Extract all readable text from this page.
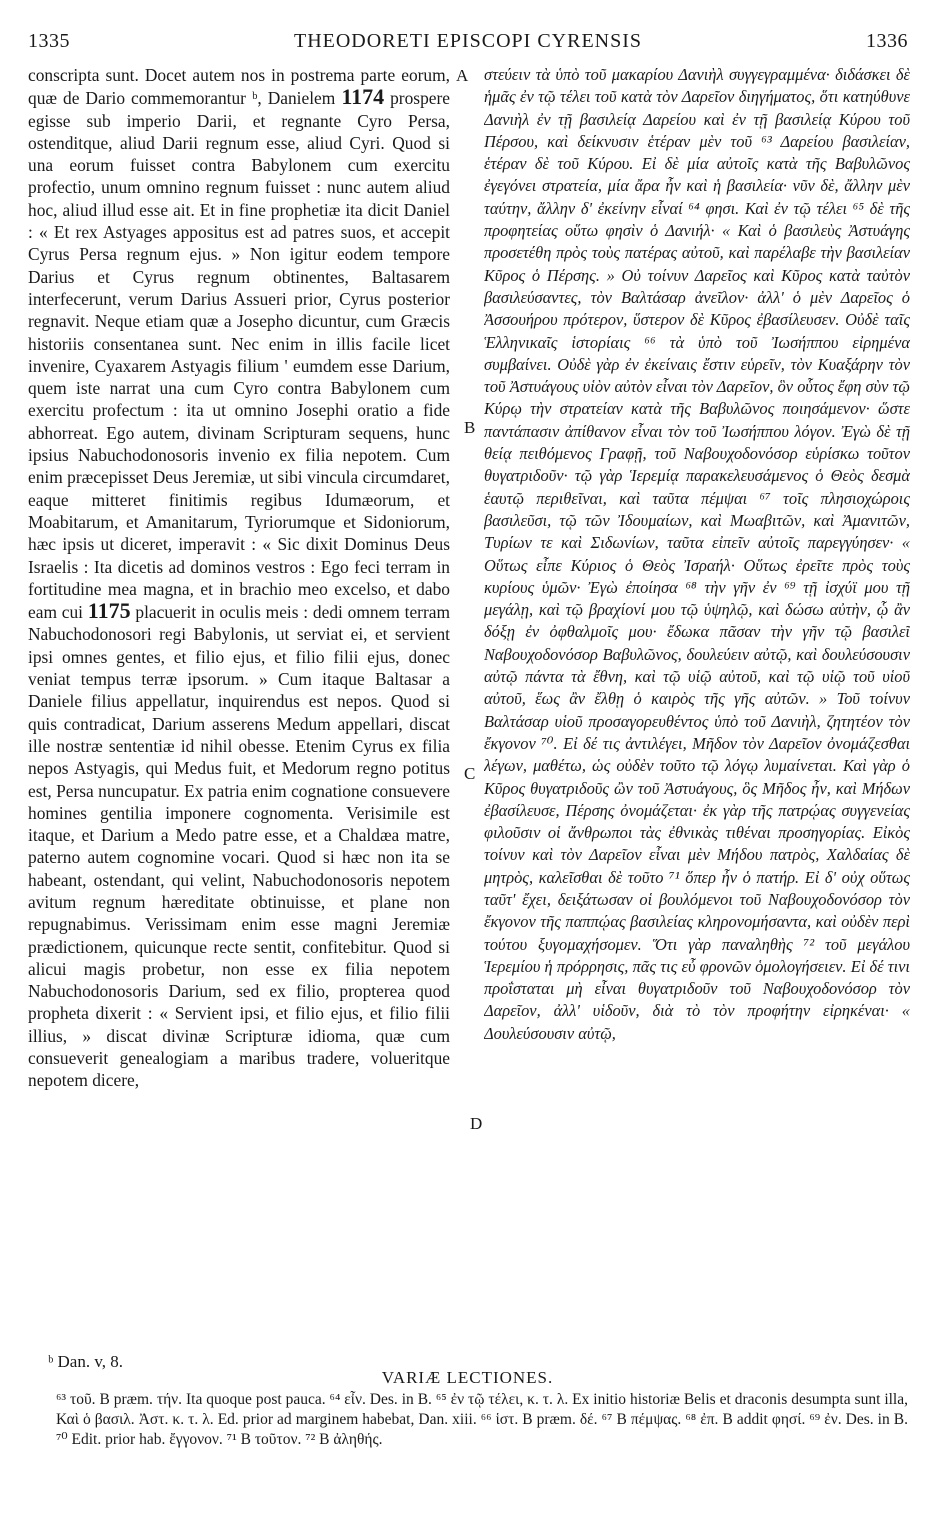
1335	THEODORETI EPISCOPI CYRENSIS	1336

conscripta sunt. Docet autem nos in postrema parte eorum, quæ de Dario commemorantur ᵇ, Danielem 1174 prospere egisse sub imperio Darii, et regnante Cyro Persa, ostenditque, aliud Darii regnum esse, aliud Cyri. Quod si una eorum fuisset contra Babylonem cum exercitu profectio, unum omnino regnum fuisset : nunc autem aliud hoc, aliud illud esse ait. Et in fine prophetiæ ita dicit Daniel : « Et rex Astyages appositus est ad patres suos, et accepit Cyrus Persa regnum ejus. » Non igitur eodem tempore Darius et Cyrus regnum obtinentes, Baltasarem interfecerunt, verum Darius Assueri prior, Cyrus posterior regnavit. Neque etiam quæ a Josepho dicuntur, cum Græcis historiis consentanea sunt. Nec enim in illis facile licet invenire, Cyaxarem Astyagis filium ' eumdem esse Darium, quem iste narrat una cum Cyro contra Babylonem cum exercitu profectum : ita ut omnino Josephi oratio a fide abhorreat. Ego autem, divinam Scripturam sequens, hunc ipsius Nabuchodonosoris invenio ex filia nepotem. Cum enim præcepisset Deus Jeremiæ, ut sibi vincula circumdaret, eaque mitteret finitimis regibus Idumæorum, et Moabitarum, et Amanitarum, Tyriorumque et Sidoniorum, hæc ipsis ut diceret, imperavit : « Sic dixit Dominus Deus Israelis : Ita dicetis ad dominos vestros : Ego feci terram in fortitudine mea magna, et in brachio meo excelso, et dabo eam cui 1175 placuerit in oculis meis : dedi omnem terram Nabuchodonosori regi Babylonis, ut serviat ei, et servient ipsi omnes gentes, et filio ejus, et filio filii ejus, donec veniat tempus terræ ipsorum. » Cum itaque Baltasar a Daniele filius appellatur, inquirendus est nepos. Quod si quis contradicat, Darium asserens Medum appellari, discat ille nostræ sententiæ id nihil obesse. Etenim Cyrus ex filia nepos Astyagis, qui Medus fuit, et Medorum regno potitus est, Persa nuncupatur. Ex patria enim cognatione consuevere homines gentilia imponere cognomenta. Verisimile est itaque, et Darium a Medo patre esse, et a Chaldæa matre, paterno autem cognomine vocari. Quod si hæc non ita se habeant, ostendant, qui velint, Nabuchodonosoris nepotem avitum regnum hæreditate obtinuisse, et plane non repugnabimus. Verissimam enim esse magni Jeremiæ prædictionem, quicunque recte sentit, confitebitur. Quod si alicui magis probetur, non esse ex filia nepotem Nabuchodonosoris Darium, sed ex filio, propterea quod propheta dixerit : « Servient ipsi, et filio ejus, et filio filii illius, » discat divinæ Scripturæ idioma, quæ cum consueverit genealogiam a maribus tradere, volueritque nepotem dicere,

στεύειν τὰ ὑπὸ τοῦ μακαρίου Δανιὴλ συγγεγραμμένα· διδάσκει δὲ ἡμᾶς ἐν τῷ τέλει τοῦ κατὰ τὸν Δαρεῖον διηγήματος, ὅτι κατηύθυνε Δανιὴλ ἐν τῇ βασιλείᾳ Δαρείου καὶ ἐν τῇ βασιλείᾳ Κύρου τοῦ Πέρσου, καὶ δείκνυσιν ἑτέραν μὲν τοῦ ⁶³ Δαρείου βασιλείαν, ἑτέραν δὲ τοῦ Κύρου. Εἰ δὲ μία αὐτοῖς κατὰ τῆς Βαβυλῶνος ἐγεγόνει στρατεία, μία ἄρα ἦν καὶ ἡ βασιλεία· νῦν δὲ, ἄλλην μὲν ταύτην, ἄλλην δ' ἐκείνην εἶναί ⁶⁴ φησι. Καὶ ἐν τῷ τέλει ⁶⁵ δὲ τῆς προφητείας οὕτω φησὶν ὁ Δανιήλ· « Καὶ ὁ βασιλεὺς Ἀστυάγης προσετέθη πρὸς τοὺς πατέρας αὐτοῦ, καὶ παρέλαβε τὴν βασιλείαν Κῦρος ὁ Πέρσης. » Οὐ τοίνυν Δαρεῖος καὶ Κῦρος κατὰ ταὐτὸν βασιλεύσαντες, τὸν Βαλτάσαρ ἀνεῖλον· ἀλλ' ὁ μὲν Δαρεῖος ὁ Ἀσσουήρου πρότερον, ὕστερον δὲ Κῦρος ἐβασίλευσεν. Οὐδὲ ταῖς Ἑλληνικαῖς ἱστορίαις ⁶⁶ τὰ ὑπὸ τοῦ Ἰωσήππου εἰρημένα συμβαίνει. Οὐδὲ γὰρ ἐν ἐκείναις ἔστιν εὑρεῖν, τὸν Κυαξάρην τὸν τοῦ Ἀστυάγους υἱὸν αὐτὸν εἶναι τὸν Δαρεῖον, ὃν οὗτος ἔφη σὺν τῷ Κύρῳ τὴν στρατείαν κατὰ τῆς Βαβυλῶνος ποιησάμενον· ὥστε παντάπασιν ἀπίθανον εἶναι τὸν τοῦ Ἰωσήππου λόγον. Ἐγὼ δὲ τῇ θείᾳ πειθόμενος Γραφῇ, τοῦ Ναβουχοδονόσορ εὑρίσκω τοῦτον θυγατριδοῦν· τῷ γὰρ Ἱερεμίᾳ παρακελευσάμενος ὁ Θεὸς δεσμὰ ἑαυτῷ περιθεῖναι, καὶ ταῦτα πέμψαι ⁶⁷ τοῖς πλησιοχώροις βασιλεῦσι, τῷ τῶν Ἰδουμαίων, καὶ Μωαβιτῶν, καὶ Ἀμανιτῶν, Τυρίων τε καὶ Σιδωνίων, ταῦτα εἰπεῖν αὐτοῖς παρεγγύησεν· « Οὕτως εἶπε Κύριος ὁ Θεὸς Ἰσραήλ· Οὕτως ἐρεῖτε πρὸς τοὺς κυρίους ὑμῶν· Ἐγὼ ἐποίησα ⁶⁸ τὴν γῆν ἐν ⁶⁹ τῇ ἰσχύϊ μου τῇ μεγάλῃ, καὶ τῷ βραχίονί μου τῷ ὑψηλῷ, καὶ δώσω αὐτὴν, ᾧ ἂν δόξῃ ἐν ὀφθαλμοῖς μου· ἔδωκα πᾶσαν τὴν γῆν τῷ βασιλεῖ Ναβουχοδονόσορ Βαβυλῶνος, δουλεύειν αὐτῷ, καὶ δουλεύσουσιν αὐτῷ πάντα τὰ ἔθνη, καὶ τῷ υἱῷ αὐτοῦ, καὶ τῷ υἱῷ τοῦ υἱοῦ αὐτοῦ, ἕως ἂν ἔλθῃ ὁ καιρὸς τῆς γῆς αὐτῶν. » Τοῦ τοίνυν Βαλτάσαρ υἱοῦ προσαγορευθέντος ὑπὸ τοῦ Δανιὴλ, ζητητέον τὸν ἔκγονον ⁷⁰. Εἰ δέ τις ἀντιλέγει, Μῆδον τὸν Δαρεῖον ὀνομάζεσθαι λέγων, μαθέτω, ὡς οὐδὲν τοῦτο τῷ λόγῳ λυμαίνεται. Καὶ γὰρ ὁ Κῦρος θυγατριδοῦς ὢν τοῦ Ἀστυάγους, ὃς Μῆδος ἦν, καὶ Μήδων ἐβασίλευσε, Πέρσης ὀνομάζεται· ἐκ γὰρ τῆς πατρῴας συγγενείας φιλοῦσιν οἱ ἄνθρωποι τὰς ἐθνικὰς τιθέναι προσηγορίας. Εἰκὸς τοίνυν καὶ τὸν Δαρεῖον εἶναι μὲν Μήδου πατρὸς, Χαλδαίας δὲ μητρὸς, καλεῖσθαι δὲ τοῦτο ⁷¹ ὅπερ ἦν ὁ πατήρ. Εἰ δ' οὐχ οὕτως ταῦτ' ἔχει, δειξάτωσαν οἱ βουλόμενοι τοῦ Ναβουχοδονόσορ τὸν ἔκγονον τῆς παππῴας βασιλείας κληρονομήσαντα, καὶ οὐδὲν περὶ τούτου ξυγομαχήσομεν. Ὅτι γὰρ παναληθὴς ⁷² τοῦ μεγάλου Ἱερεμίου ἡ πρόρρησις, πᾶς τις εὖ φρονῶν ὁμολογήσειεν. Εἰ δέ τινι προΐσταται μὴ εἶναι θυγατριδοῦν τοῦ Ναβουχοδονόσορ τὸν Δαρεῖον, ἀλλ' υἱδοῦν, διὰ τὸ τὸν προφήτην εἰρηκέναι· « Δουλεύσουσιν αὐτῷ,

A
B
C
D
ᵇ Dan. v, 8.
VARIÆ LECTIONES.
⁶³ τοῦ. B præm. τήν. Ita quoque post pauca. ⁶⁴ εἶν. Des. in B. ⁶⁵ ἐν τῷ τέλει, κ. τ. λ. Ex initio historiæ Belis et draconis desumpta sunt illa, Καὶ ὁ βασιλ. Ἀστ. κ. τ. λ. Ed. prior ad marginem habebat, Dan. xiii. ⁶⁶ ἱστ. B præm. δέ. ⁶⁷ B πέμψας. ⁶⁸ ἐπ. B addit φησί. ⁶⁹ ἐν. Des. in B. ⁷⁰ Edit. prior hab. ἔγγονον. ⁷¹ B τοῦτον. ⁷² B ἀληθής.
